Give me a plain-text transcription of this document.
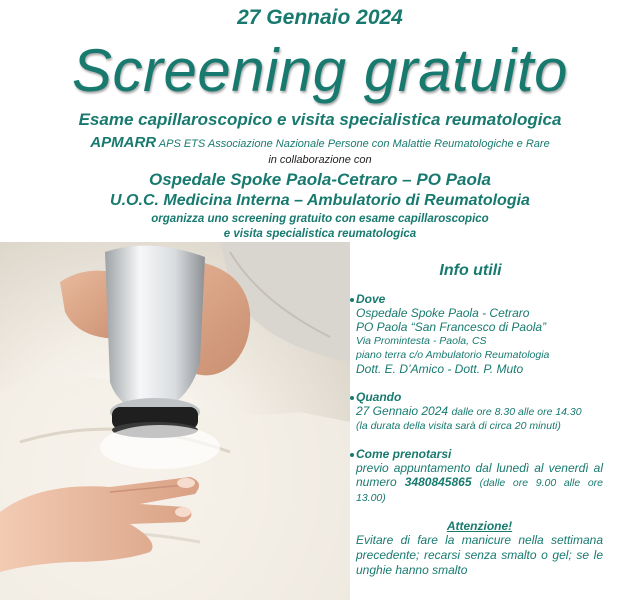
27 Gennaio 2024
Screening gratuito
Esame capillaroscopico e visita specialistica reumatologica
APMARR APS ETS Associazione Nazionale Persone con Malattie Reumatologiche e Rare
in collaborazione con
Ospedale Spoke Paola-Cetraro – PO Paola
U.O.C. Medicina Interna – Ambulatorio di Reumatologia
organizza uno screening gratuito con esame capillaroscopico
e visita specialistica reumatologica
Info utili
Dove
Ospedale Spoke Paola - Cetraro
PO Paola “San Francesco di Paola”
Via Promintesta - Paola, CS
piano terra c/o Ambulatorio Reumatologia
Dott. E. D’Amico - Dott. P. Muto
Quando
27 Gennaio 2024 dalle ore 8.30 alle ore 14.30
(la durata della visita sarà di circa 20 minuti)
Come prenotarsi
previo appuntamento dal lunedì al venerdì al numero 3480845865 (dalle ore 9.00 alle ore 13.00)
Attenzione!
Evitare di fare la manicure nella settimana precedente; recarsi senza smalto o gel; se le unghie hanno smalto
